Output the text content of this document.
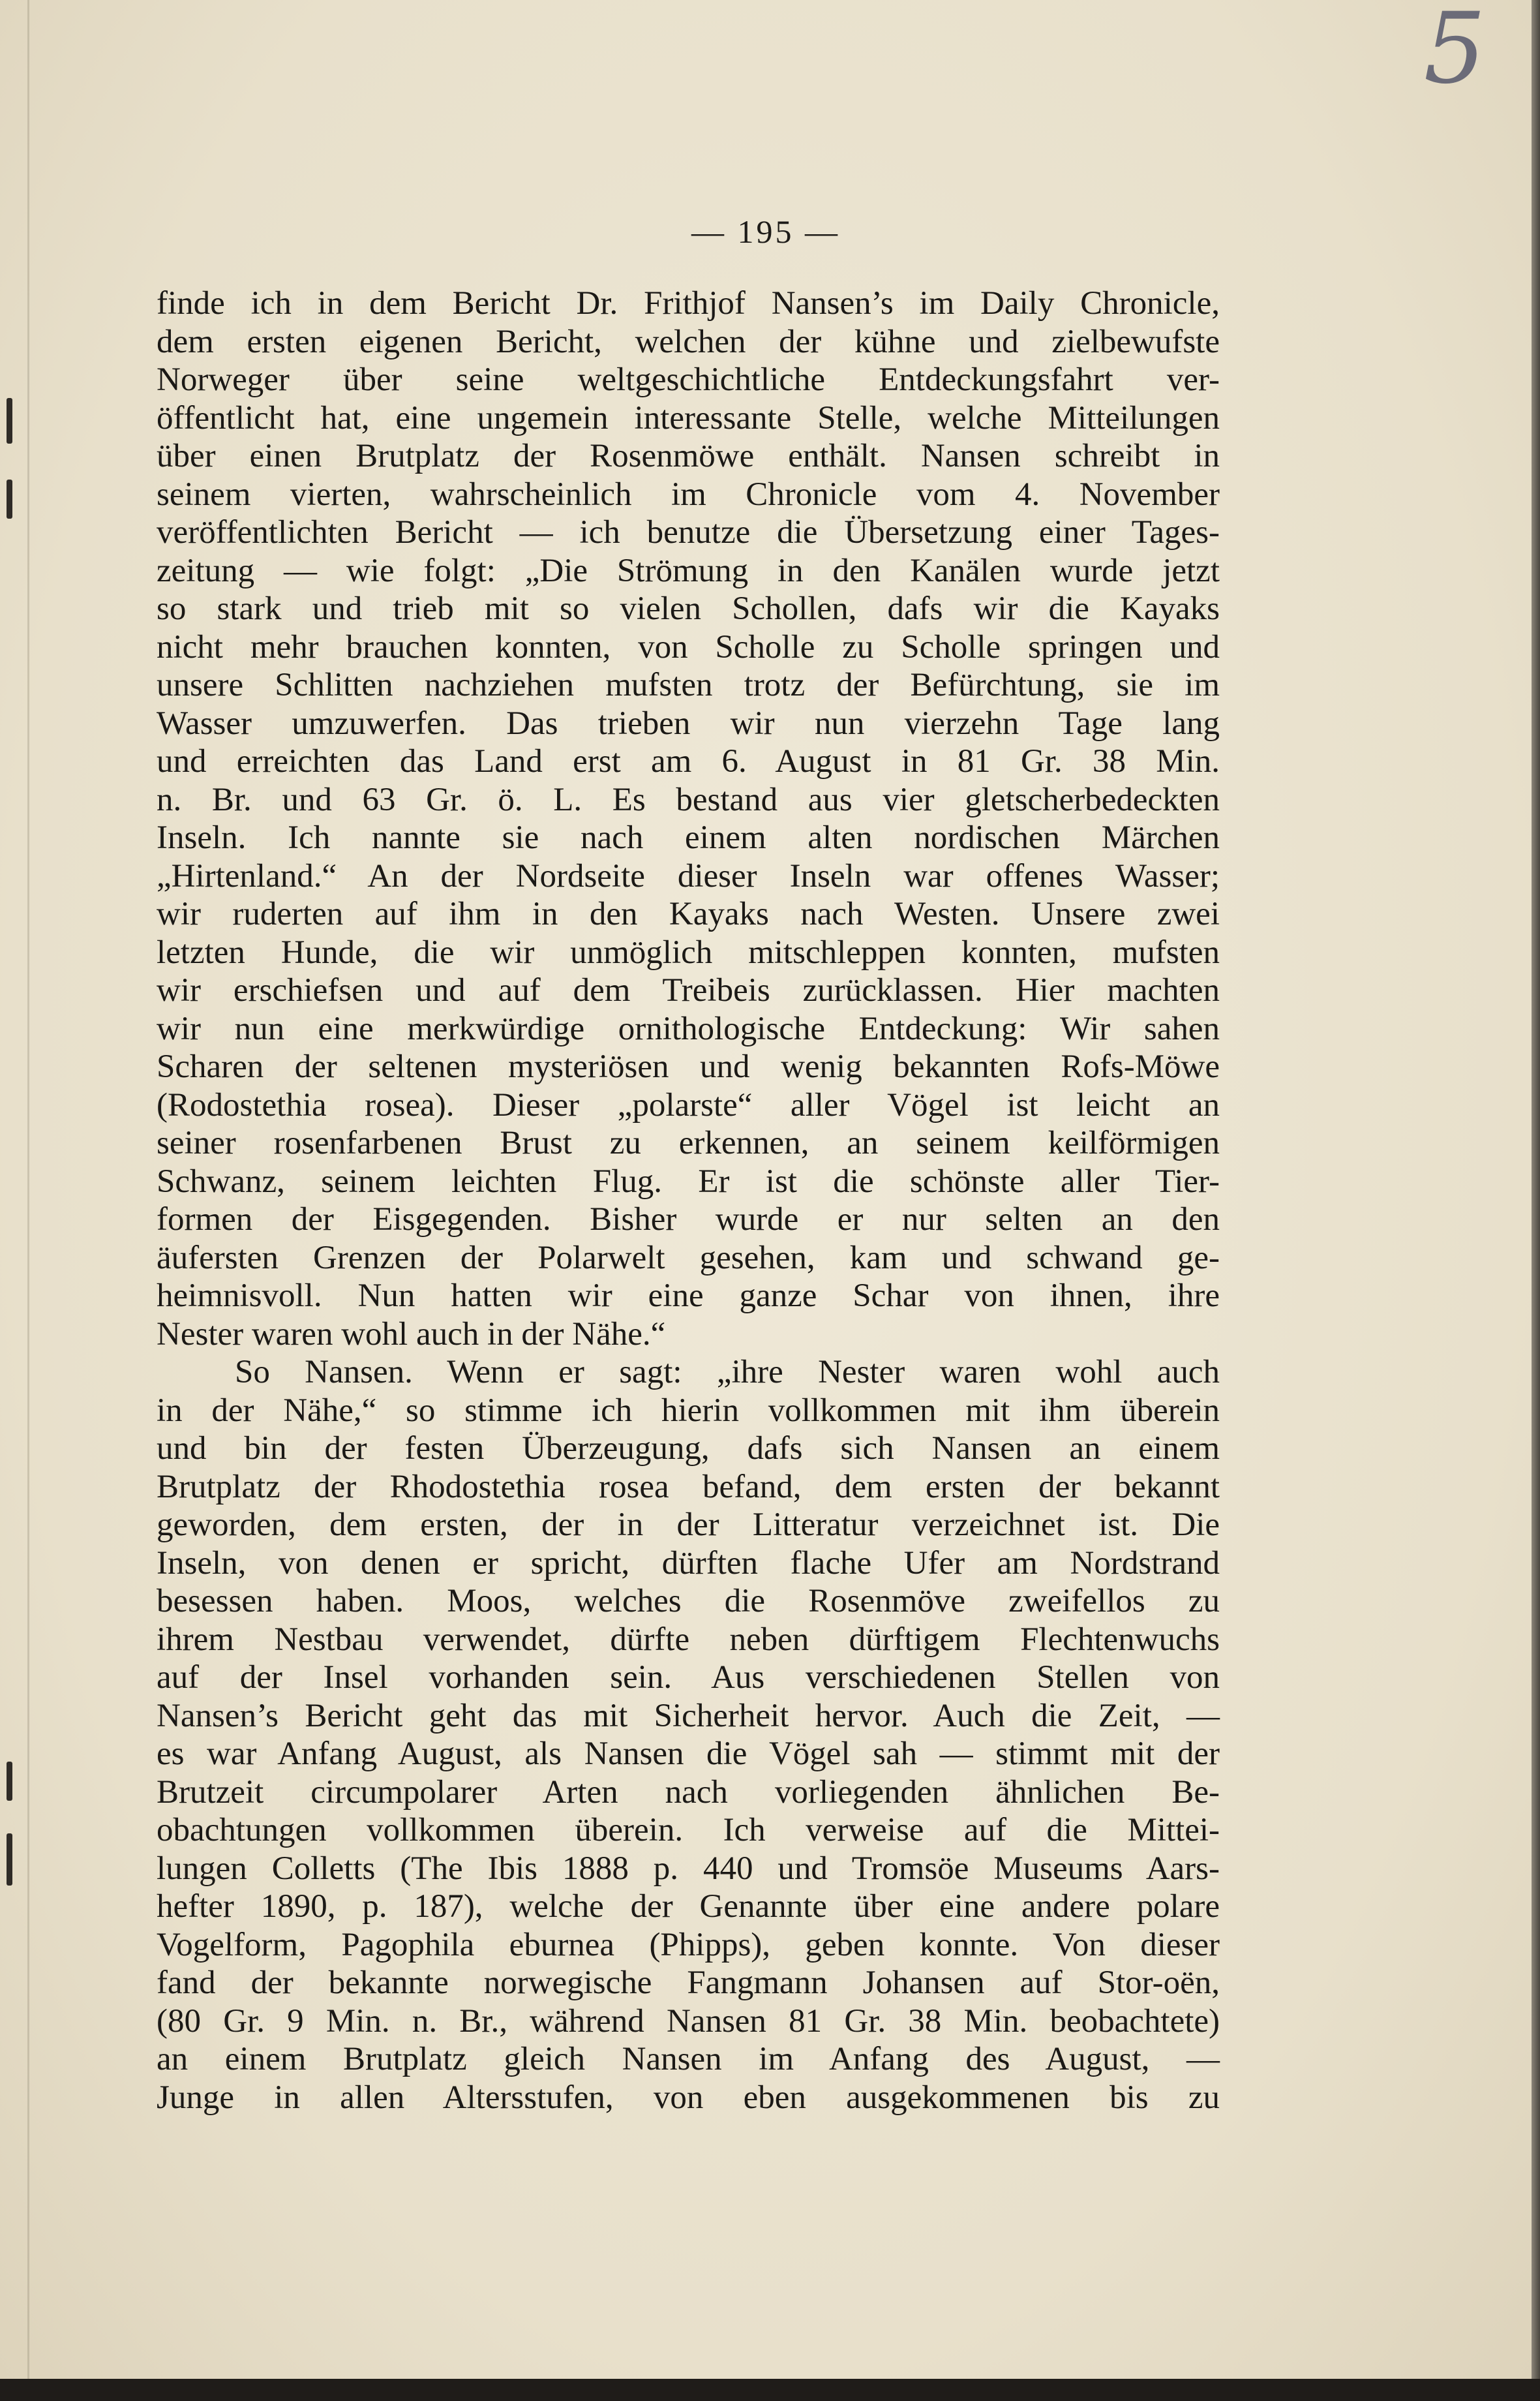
5
— 195 —
finde ich in dem Bericht Dr. Frithjof Nansen’s im Daily Chronicle,
dem ersten eigenen Bericht, welchen der kühne und zielbewufste
Norweger über seine weltgeschichtliche Entdeckungsfahrt ver-
öffentlicht hat, eine ungemein interessante Stelle, welche Mitteilungen
über einen Brutplatz der Rosenmöwe enthält. Nansen schreibt in
seinem vierten, wahrscheinlich im Chronicle vom 4. November
veröffentlichten Bericht — ich benutze die Übersetzung einer Tages-
zeitung — wie folgt: „Die Strömung in den Kanälen wurde jetzt
so stark und trieb mit so vielen Schollen, dafs wir die Kayaks
nicht mehr brauchen konnten, von Scholle zu Scholle springen und
unsere Schlitten nachziehen mufsten trotz der Befürchtung, sie im
Wasser umzuwerfen. Das trieben wir nun vierzehn Tage lang
und erreichten das Land erst am 6. August in 81 Gr. 38 Min.
n. Br. und 63 Gr. ö. L. Es bestand aus vier gletscherbedeckten
Inseln. Ich nannte sie nach einem alten nordischen Märchen
„Hirtenland.“ An der Nordseite dieser Inseln war offenes Wasser;
wir ruderten auf ihm in den Kayaks nach Westen. Unsere zwei
letzten Hunde, die wir unmöglich mitschleppen konnten, mufsten
wir erschiefsen und auf dem Treibeis zurücklassen. Hier machten
wir nun eine merkwürdige ornithologische Entdeckung: Wir sahen
Scharen der seltenen mysteriösen und wenig bekannten Rofs-Möwe
(Rodostethia rosea). Dieser „polarste“ aller Vögel ist leicht an
seiner rosenfarbenen Brust zu erkennen, an seinem keilförmigen
Schwanz, seinem leichten Flug. Er ist die schönste aller Tier-
formen der Eisgegenden. Bisher wurde er nur selten an den
äufersten Grenzen der Polarwelt gesehen, kam und schwand ge-
heimnisvoll. Nun hatten wir eine ganze Schar von ihnen, ihre
Nester waren wohl auch in der Nähe.“
So Nansen. Wenn er sagt: „ihre Nester waren wohl auch
in der Nähe,“ so stimme ich hierin vollkommen mit ihm überein
und bin der festen Überzeugung, dafs sich Nansen an einem
Brutplatz der Rhodostethia rosea befand, dem ersten der bekannt
geworden, dem ersten, der in der Litteratur verzeichnet ist. Die
Inseln, von denen er spricht, dürften flache Ufer am Nordstrand
besessen haben. Moos, welches die Rosenmöve zweifellos zu
ihrem Nestbau verwendet, dürfte neben dürftigem Flechtenwuchs
auf der Insel vorhanden sein. Aus verschiedenen Stellen von
Nansen’s Bericht geht das mit Sicherheit hervor. Auch die Zeit, —
es war Anfang August, als Nansen die Vögel sah — stimmt mit der
Brutzeit circumpolarer Arten nach vorliegenden ähnlichen Be-
obachtungen vollkommen überein. Ich verweise auf die Mittei-
lungen Colletts (The Ibis 1888 p. 440 und Tromsöe Museums Aars-
hefter 1890, p. 187), welche der Genannte über eine andere polare
Vogelform, Pagophila eburnea (Phipps), geben konnte. Von dieser
fand der bekannte norwegische Fangmann Johansen auf Stor-oën,
(80 Gr. 9 Min. n. Br., während Nansen 81 Gr. 38 Min. beobachtete)
an einem Brutplatz gleich Nansen im Anfang des August, —
Junge in allen Altersstufen, von eben ausgekommenen bis zu
